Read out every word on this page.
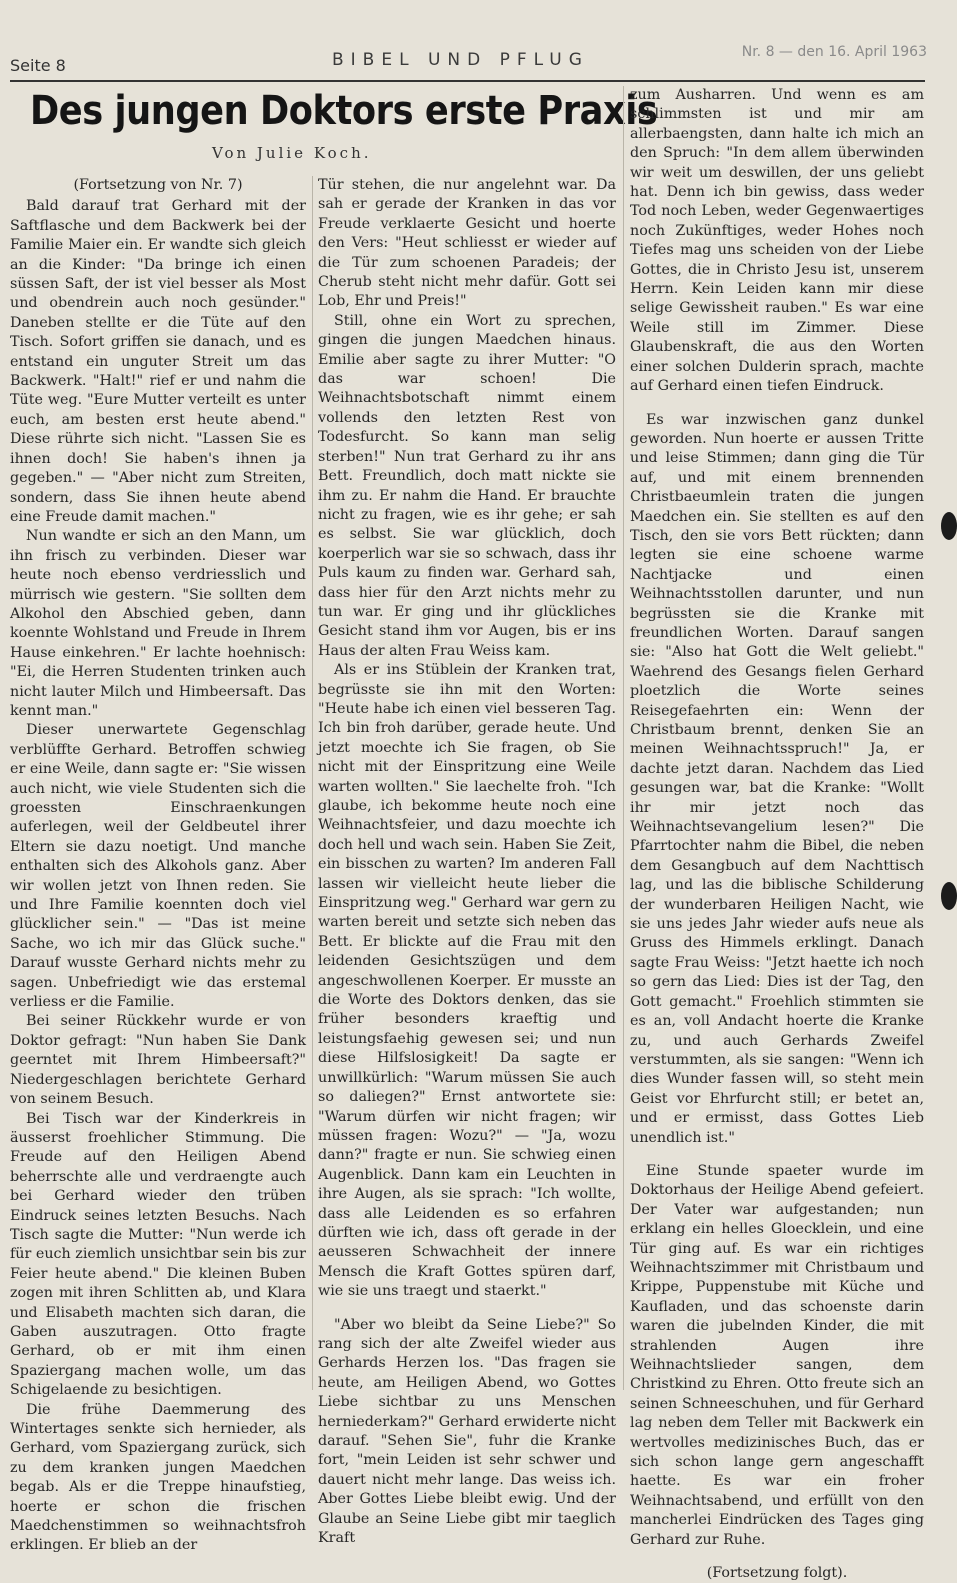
Seite 8	BIBEL UND PFLUG	Nr. 8 — den 16. April 1963
Des jungen Doktors erste Praxis
Von Julie Koch.

(Fortsetzung von Nr. 7)

Bald darauf trat Gerhard mit der Saftflasche und dem Backwerk bei der Familie Maier ein. Er wandte sich gleich an die Kinder: "Da bringe ich einen süssen Saft, der ist viel besser als Most und obendrein auch noch gesünder." Daneben stellte er die Tüte auf den Tisch. Sofort griffen sie danach, und es entstand ein unguter Streit um das Backwerk. "Halt!" rief er und nahm die Tüte weg. "Eure Mutter verteilt es unter euch, am besten erst heute abend." Diese rührte sich nicht. "Lassen Sie es ihnen doch! Sie haben's ihnen ja gegeben." — "Aber nicht zum Streiten, sondern, dass Sie ihnen heute abend eine Freude damit machen."

Nun wandte er sich an den Mann, um ihn frisch zu verbinden. Dieser war heute noch ebenso verdriesslich und mürrisch wie gestern. "Sie sollten dem Alkohol den Abschied geben, dann koennte Wohlstand und Freude in Ihrem Hause einkehren." Er lachte hoehnisch: "Ei, die Herren Studenten trinken auch nicht lauter Milch und Himbeersaft. Das kennt man."

Dieser unerwartete Gegenschlag verblüffte Gerhard. Betroffen schwieg er eine Weile, dann sagte er: "Sie wissen auch nicht, wie viele Studenten sich die groessten Einschraenkungen auferlegen, weil der Geldbeutel ihrer Eltern sie dazu noetigt. Und manche enthalten sich des Alkohols ganz. Aber wir wollen jetzt von Ihnen reden. Sie und Ihre Familie koennten doch viel glücklicher sein." — "Das ist meine Sache, wo ich mir das Glück suche." Darauf wusste Gerhard nichts mehr zu sagen. Unbefriedigt wie das erstemal verliess er die Familie.

Bei seiner Rückkehr wurde er von Doktor gefragt: "Nun haben Sie Dank geerntet mit Ihrem Himbeersaft?" Niedergeschlagen berichtete Gerhard von seinem Besuch.

Bei Tisch war der Kinderkreis in äusserst froehlicher Stimmung. Die Freude auf den Heiligen Abend beherrschte alle und verdraengte auch bei Gerhard wieder den trüben Eindruck seines letzten Besuchs. Nach Tisch sagte die Mutter: "Nun werde ich für euch ziemlich unsichtbar sein bis zur Feier heute abend." Die kleinen Buben zogen mit ihren Schlitten ab, und Klara und Elisabeth machten sich daran, die Gaben auszutragen. Otto fragte Gerhard, ob er mit ihm einen Spaziergang machen wolle, um das Schigelaende zu besichtigen.

Die frühe Daemmerung des Wintertages senkte sich hernieder, als Gerhard, vom Spaziergang zurück, sich zu dem kranken jungen Maedchen begab. Als er die Treppe hinaufstieg, hoerte er schon die frischen Maedchenstimmen so weihnachtsfroh erklingen. Er blieb an der

Tür stehen, die nur angelehnt war. Da sah er gerade der Kranken in das vor Freude verklaerte Gesicht und hoerte den Vers: "Heut schliesst er wieder auf die Tür zum schoenen Paradeis; der Cherub steht nicht mehr dafür. Gott sei Lob, Ehr und Preis!"

Still, ohne ein Wort zu sprechen, gingen die jungen Maedchen hinaus. Emilie aber sagte zu ihrer Mutter: "O das war schoen! Die Weihnachtsbotschaft nimmt einem vollends den letzten Rest von Todesfurcht. So kann man selig sterben!" Nun trat Gerhard zu ihr ans Bett. Freundlich, doch matt nickte sie ihm zu. Er nahm die Hand. Er brauchte nicht zu fragen, wie es ihr gehe; er sah es selbst. Sie war glücklich, doch koerperlich war sie so schwach, dass ihr Puls kaum zu finden war. Gerhard sah, dass hier für den Arzt nichts mehr zu tun war. Er ging und ihr glückliches Gesicht stand ihm vor Augen, bis er ins Haus der alten Frau Weiss kam.

Als er ins Stüblein der Kranken trat, begrüsste sie ihn mit den Worten: "Heute habe ich einen viel besseren Tag. Ich bin froh darüber, gerade heute. Und jetzt moechte ich Sie fragen, ob Sie nicht mit der Einspritzung eine Weile warten wollten." Sie laechelte froh. "Ich glaube, ich bekomme heute noch eine Weihnachtsfeier, und dazu moechte ich doch hell und wach sein. Haben Sie Zeit, ein bisschen zu warten? Im anderen Fall lassen wir vielleicht heute lieber die Einspritzung weg." Gerhard war gern zu warten bereit und setzte sich neben das Bett. Er blickte auf die Frau mit den leidenden Gesichtszügen und dem angeschwollenen Koerper. Er musste an die Worte des Doktors denken, das sie früher besonders kraeftig und leistungsfaehig gewesen sei; und nun diese Hilfslosigkeit! Da sagte er unwillkürlich: "Warum müssen Sie auch so daliegen?" Ernst antwortete sie: "Warum dürfen wir nicht fragen; wir müssen fragen: Wozu?" — "Ja, wozu dann?" fragte er nun. Sie schwieg einen Augenblick. Dann kam ein Leuchten in ihre Augen, als sie sprach: "Ich wollte, dass alle Leidenden es so erfahren dürften wie ich, dass oft gerade in der aeusseren Schwachheit der innere Mensch die Kraft Gottes spüren darf, wie sie uns traegt und staerkt."

"Aber wo bleibt da Seine Liebe?" So rang sich der alte Zweifel wieder aus Gerhards Herzen los. "Das fragen sie heute, am Heiligen Abend, wo Gottes Liebe sichtbar zu uns Menschen herniederkam?" Gerhard erwiderte nicht darauf. "Sehen Sie", fuhr die Kranke fort, "mein Leiden ist sehr schwer und dauert nicht mehr lange. Das weiss ich. Aber Gottes Liebe bleibt ewig. Und der Glaube an Seine Liebe gibt mir taeglich Kraft

zum Ausharren. Und wenn es am schlimmsten ist und mir am allerbaengsten, dann halte ich mich an den Spruch: "In dem allem überwinden wir weit um deswillen, der uns geliebt hat. Denn ich bin gewiss, dass weder Tod noch Leben, weder Gegenwaertiges noch Zukünftiges, weder Hohes noch Tiefes mag uns scheiden von der Liebe Gottes, die in Christo Jesu ist, unserem Herrn. Kein Leiden kann mir diese selige Gewissheit rauben." Es war eine Weile still im Zimmer. Diese Glaubenskraft, die aus den Worten einer solchen Dulderin sprach, machte auf Gerhard einen tiefen Eindruck.

Es war inzwischen ganz dunkel geworden. Nun hoerte er aussen Tritte und leise Stimmen; dann ging die Tür auf, und mit einem brennenden Christbaeumlein traten die jungen Maedchen ein. Sie stellten es auf den Tisch, den sie vors Bett rückten; dann legten sie eine schoene warme Nachtjacke und einen Weihnachtsstollen darunter, und nun begrüssten sie die Kranke mit freundlichen Worten. Darauf sangen sie: "Also hat Gott die Welt geliebt." Waehrend des Gesangs fielen Gerhard ploetzlich die Worte seines Reisegefaehrten ein: Wenn der Christbaum brennt, denken Sie an meinen Weihnachtsspruch!" Ja, er dachte jetzt daran. Nachdem das Lied gesungen war, bat die Kranke: "Wollt ihr mir jetzt noch das Weihnachtsevangelium lesen?" Die Pfarrtochter nahm die Bibel, die neben dem Gesangbuch auf dem Nachttisch lag, und las die biblische Schilderung der wunderbaren Heiligen Nacht, wie sie uns jedes Jahr wieder aufs neue als Gruss des Himmels erklingt. Danach sagte Frau Weiss: "Jetzt haette ich noch so gern das Lied: Dies ist der Tag, den Gott gemacht." Froehlich stimmten sie es an, voll Andacht hoerte die Kranke zu, und auch Gerhards Zweifel verstummten, als sie sangen: "Wenn ich dies Wunder fassen will, so steht mein Geist vor Ehrfurcht still; er betet an, und er ermisst, dass Gottes Lieb unendlich ist."

Eine Stunde spaeter wurde im Doktorhaus der Heilige Abend gefeiert. Der Vater war aufgestanden; nun erklang ein helles Gloecklein, und eine Tür ging auf. Es war ein richtiges Weihnachtszimmer mit Christbaum und Krippe, Puppenstube mit Küche und Kaufladen, und das schoenste darin waren die jubelnden Kinder, die mit strahlenden Augen ihre Weihnachtslieder sangen, dem Christkind zu Ehren. Otto freute sich an seinen Schneeschuhen, und für Gerhard lag neben dem Teller mit Backwerk ein wertvolles medizinisches Buch, das er sich schon lange gern angeschafft haette. Es war ein froher Weihnachtsabend, und erfüllt von den mancherlei Eindrücken des Tages ging Gerhard zur Ruhe.

(Fortsetzung folgt).
